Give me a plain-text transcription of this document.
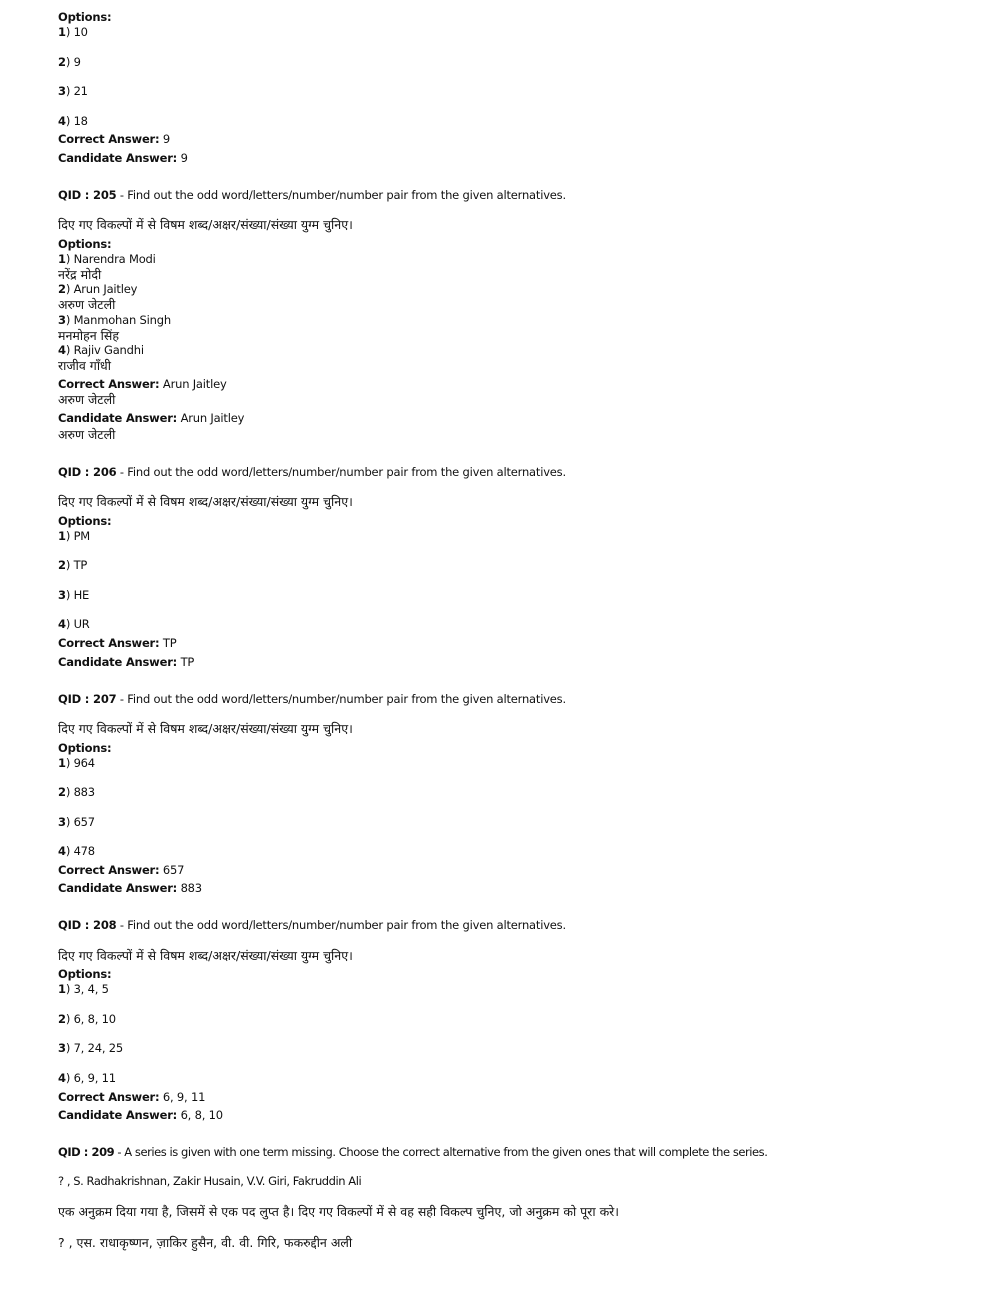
Options:
1) 10
2) 9
3) 21
4) 18
Correct Answer: 9
Candidate Answer: 9
QID : 205 - Find out the odd word/letters/number/number pair from the given alternatives.
दिए गए विकल्पों में से विषम शब्द/अक्षर/संख्या/संख्या युग्म चुनिए।
Options:
1) Narendra Modi
नरेंद्र मोदी
2) Arun Jaitley
अरुण जेटली
3) Manmohan Singh
मनमोहन सिंह
4) Rajiv Gandhi
राजीव गाँधी
Correct Answer: Arun Jaitley
अरुण जेटली
Candidate Answer: Arun Jaitley
अरुण जेटली
QID : 206 - Find out the odd word/letters/number/number pair from the given alternatives.
दिए गए विकल्पों में से विषम शब्द/अक्षर/संख्या/संख्या युग्म चुनिए।
Options:
1) PM
2) TP
3) HE
4) UR
Correct Answer: TP
Candidate Answer: TP
QID : 207 - Find out the odd word/letters/number/number pair from the given alternatives.
दिए गए विकल्पों में से विषम शब्द/अक्षर/संख्या/संख्या युग्म चुनिए।
Options:
1) 964
2) 883
3) 657
4) 478
Correct Answer: 657
Candidate Answer: 883
QID : 208 - Find out the odd word/letters/number/number pair from the given alternatives.
दिए गए विकल्पों में से विषम शब्द/अक्षर/संख्या/संख्या युग्म चुनिए।
Options:
1) 3, 4, 5
2) 6, 8, 10
3) 7, 24, 25
4) 6, 9, 11
Correct Answer: 6, 9, 11
Candidate Answer: 6, 8, 10
QID : 209 - A series is given with one term missing. Choose the correct alternative from the given ones that will complete the series.
? , S. Radhakrishnan, Zakir Husain, V.V. Giri, Fakruddin Ali
एक अनुक्रम दिया गया है, जिसमें से एक पद लुप्त है। दिए गए विकल्पों में से वह सही विकल्प चुनिए, जो अनुक्रम को पूरा करे।
? , एस. राधाकृष्णन, ज़ाकिर हुसैन, वी. वी. गिरि, फकरुद्दीन अली
